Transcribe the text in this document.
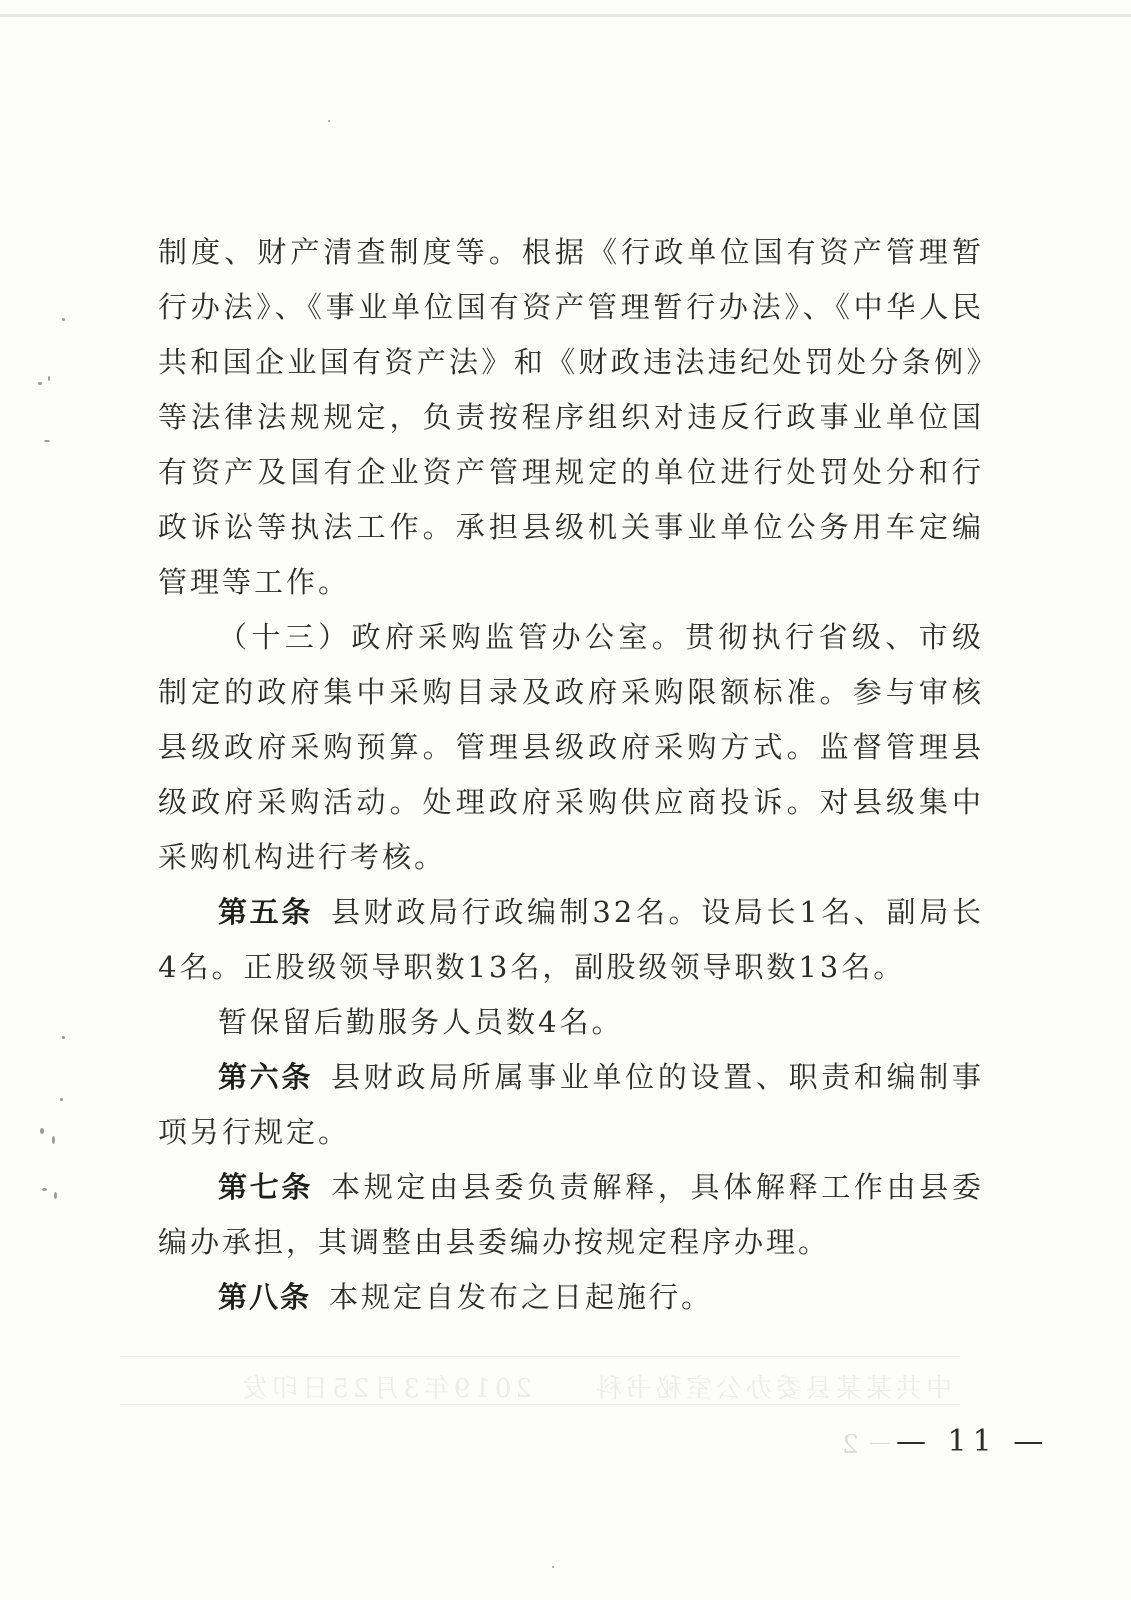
制度、财产清查制度等。根据《行政单位国有资产管理暂行办法》、《事业单位国有资产管理暂行办法》、《中华人民共和国企业国有资产法》和《财政违法违纪处罚处分条例》等法律法规规定，负责按程序组织对违反行政事业单位国有资产及国有企业资产管理规定的单位进行处罚处分和行政诉讼等执法工作。承担县级机关事业单位公务用车定编管理等工作。

（十三）政府采购监管办公室。贯彻执行省级、市级制定的政府集中采购目录及政府采购限额标准。参与审核县级政府采购预算。管理县级政府采购方式。监督管理县级政府采购活动。处理政府采购供应商投诉。对县级集中采购机构进行考核。

第五条 县财政局行政编制32名。设局长1名、副局长4名。正股级领导职数13名，副股级领导职数13名。

暂保留后勤服务人员数4名。

第六条 县财政局所属事业单位的设置、职责和编制事项另行规定。

第七条 本规定由县委负责解释，具体解释工作由县委编办承担，其调整由县委编办按规定程序办理。

第八条 本规定自发布之日起施行。

中共某某县委办公室秘书科　　2019年3月25日印发
－ 2 — 11 —
